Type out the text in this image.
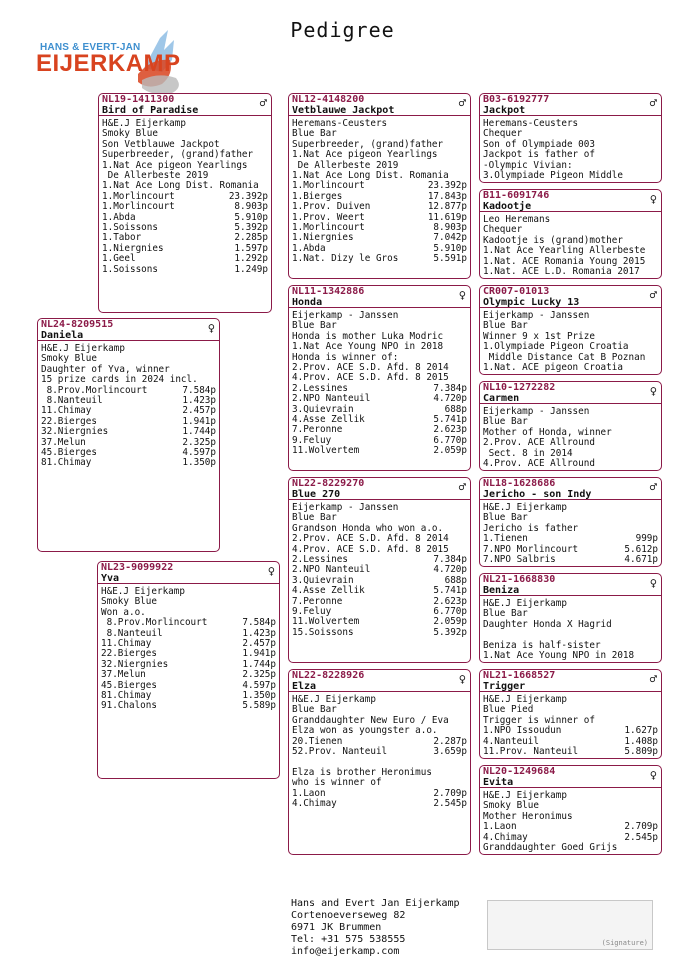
Pedigree
HANS & EVERT-JAN
EIJERKAMP
NL19-1411300
Bird of Paradise
♂
H&E.J Eijerkamp
Smoky Blue
Son Vetblauwe Jackpot
Superbreeder, (grand)father
1.Nat Ace pigeon Yearlings
De Allerbeste 2019
1.Nat Ace Long Dist. Romania
1.Morlincourt	23.392p
1.Morlincourt	8.903p
1.Abda	5.910p
1.Soissons	5.392p
1.Tabor	2.285p
1.Niergnies	1.597p
1.Geel	1.292p
1.Soissons	1.249p
NL24-8209515
Daniela
♀
H&E.J Eijerkamp
Smoky Blue
Daughter of Yva, winner
15 prize cards in 2024 incl.
8.Prov.Morlincourt	7.584p
8.Nanteuil	1.423p
11.Chimay	2.457p
22.Bierges	1.941p
32.Niergnies	1.744p
37.Melun	2.325p
45.Bierges	4.597p
81.Chimay	1.350p
NL23-9099922
Yva
♀
H&E.J Eijerkamp
Smoky Blue
Won a.o.
8.Prov.Morlincourt	7.584p
8.Nanteuil	1.423p
11.Chimay	2.457p
22.Bierges	1.941p
32.Niergnies	1.744p
37.Melun	2.325p
45.Bierges	4.597p
81.Chimay	1.350p
91.Chalons	5.589p
NL12-4148200
Vetblauwe Jackpot
♂
Heremans-Ceusters
Blue Bar
Superbreeder, (grand)father
1.Nat Ace pigeon Yearlings
De Allerbeste 2019
1.Nat Ace Long Dist. Romania
1.Morlincourt	23.392p
1.Bierges	17.843p
1.Prov. Duiven	12.877p
1.Prov. Weert	11.619p
1.Morlincourt	8.903p
1.Niergnies	7.042p
1.Abda	5.910p
1.Nat. Dizy le Gros	5.591p
NL11-1342886
Honda
♀
Eijerkamp - Janssen
Blue Bar
Honda is mother Luka Modric
1.Nat Ace Young NPO in 2018
Honda is winner of:
2.Prov. ACE S.D. Afd. 8 2014
4.Prov. ACE S.D. Afd. 8 2015
2.Lessines	7.384p
2.NPO Nanteuil	4.720p
3.Quievrain	688p
4.Asse Zellik	5.741p
7.Peronne	2.623p
9.Feluy	6.770p
11.Wolvertem	2.059p
NL22-8229270
Blue 270
♂
Eijerkamp - Janssen
Blue Bar
Grandson Honda who won a.o.
2.Prov. ACE S.D. Afd. 8 2014
4.Prov. ACE S.D. Afd. 8 2015
2.Lessines	7.384p
2.NPO Nanteuil	4.720p
3.Quievrain	688p
4.Asse Zellik	5.741p
7.Peronne	2.623p
9.Feluy	6.770p
11.Wolvertem	2.059p
15.Soissons	5.392p
NL22-8228926
Elza
♀
H&E.J Eijerkamp
Blue Bar
Granddaughter New Euro / Eva
Elza won as youngster a.o.
20.Tienen	2.287p
52.Prov. Nanteuil	3.659p

Elza is brother Heronimus
who is winner of
1.Laon	2.709p
4.Chimay	2.545p
B03-6192777
Jackpot
♂
Heremans-Ceusters
Chequer
Son of Olympiade 003
Jackpot is father of
-Olympic Vivian:
3.Olympiade Pigeon Middle
B11-6091746
Kadootje
♀
Leo Heremans
Chequer
Kadootje is (grand)mother
1.Nat Ace Yearling Allerbeste
1.Nat. ACE Romania Young 2015
1.Nat. ACE L.D. Romania 2017
CR007-01013
Olympic Lucky 13
♂
Eijerkamp - Janssen
Blue Bar
Winner 9 x 1st Prize
1.Olympiade Pigeon Croatia
Middle Distance Cat B Poznan
1.Nat. ACE pigeon Croatia
NL10-1272282
Carmen
♀
Eijerkamp - Janssen
Blue Bar
Mother of Honda, winner
2.Prov. ACE Allround
Sect. 8 in 2014
4.Prov. ACE Allround
NL18-1628686
Jericho - son Indy
♂
H&E.J Eijerkamp
Blue Bar
Jericho is father
1.Tienen	999p
7.NPO Morlincourt	5.612p
7.NPO Salbris	4.671p
NL21-1668830
Beniza
♀
H&E.J Eijerkamp
Blue Bar
Daughter Honda X Hagrid

Beniza is half-sister
1.Nat Ace Young NPO in 2018
NL21-1668527
Trigger
♂
H&E.J Eijerkamp
Blue Pied
Trigger is winner of
1.NPO Issoudun	1.627p
4.Nanteuil	1.408p
11.Prov. Nanteuil	5.809p
NL20-1249684
Evita
♀
H&E.J Eijerkamp
Smoky Blue
Mother Heronimus
1.Laon	2.709p
4.Chimay	2.545p
Granddaughter Goed Grijs
Hans and Evert Jan Eijerkamp
Cortenoeverseweg 82
6971 JK Brummen
Tel: +31 575 538555
info@eijerkamp.com
(Signature)
